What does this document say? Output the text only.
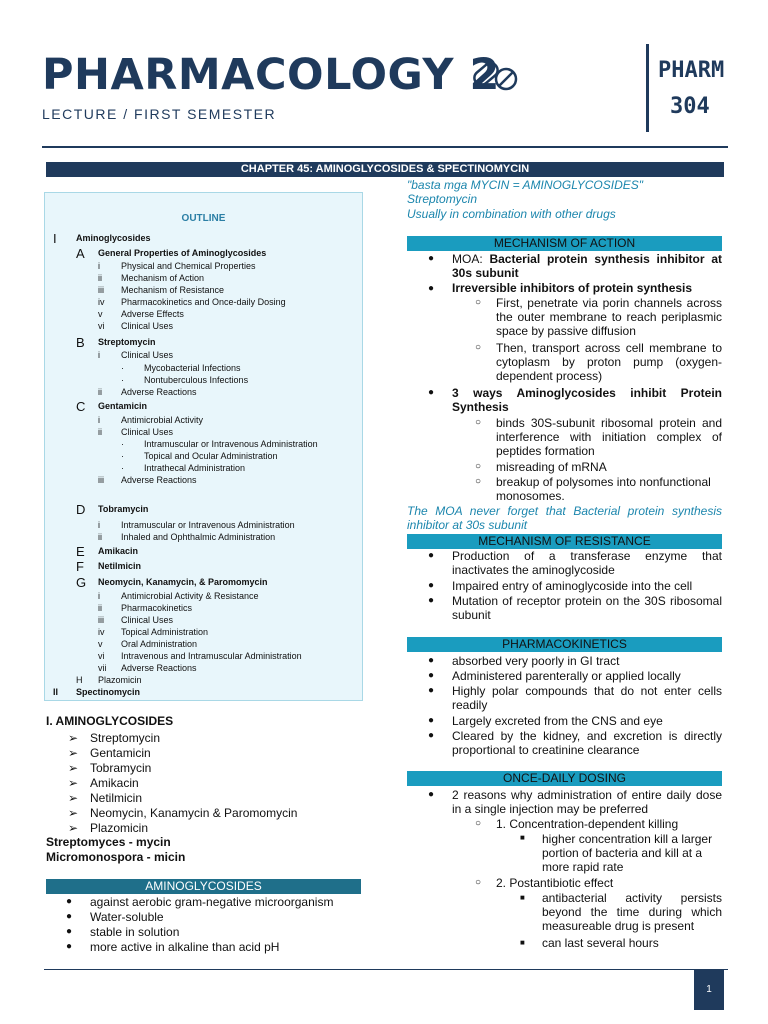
PHARMACOLOGY 2
LECTURE / FIRST SEMESTER
PHARM
304
CHAPTER 45: AMINOGLYCOSIDES & SPECTINOMYCIN
OUTLINE
I Aminoglycosides
A General Properties of Aminoglycosides
i Physical and Chemical Properties
ii Mechanism of Action
iii Mechanism of Resistance
iv Pharmacokinetics and Once-daily Dosing
v Adverse Effects
vi Clinical Uses
B Streptomycin
i Clinical Uses
· Mycobacterial Infections
· Nontuberculous Infections
ii Adverse Reactions
C Gentamicin
i Antimicrobial Activity
ii Clinical Uses
· Intramuscular or Intravenous Administration
· Topical and Ocular Administration
· Intrathecal Administration
iii Adverse Reactions
D Tobramycin
i Intramuscular or Intravenous Administration
ii Inhaled and Ophthalmic Administration
E Amikacin
F Netilmicin
G Neomycin, Kanamycin, & Paromomycin
i Antimicrobial Activity & Resistance
ii Pharmacokinetics
iii Clinical Uses
iv Topical Administration
v Oral Administration
vi Intravenous and Intramuscular Administration
vii Adverse Reactions
H Plazomicin
II Spectinomycin
I. AMINOGLYCOSIDES
➢ Streptomycin
➢ Gentamicin
➢ Tobramycin
➢ Amikacin
➢ Netilmicin
➢ Neomycin, Kanamycin & Paromomycin
➢ Plazomicin
Streptomyces - mycin
Micromonospora - micin
AMINOGLYCOSIDES
● against aerobic gram-negative microorganism
● Water-soluble
● stable in solution
● more active in alkaline than acid pH
"basta mga MYCIN = AMINOGLYCOSIDES"
Streptomycin
Usually in combination with other drugs
MECHANISM OF ACTION
● MOA: Bacterial protein synthesis inhibitor at 30s subunit
● Irreversible inhibitors of protein synthesis
○ First, penetrate via porin channels across the outer membrane to reach periplasmic space by passive diffusion
○ Then, transport across cell membrane to cytoplasm by proton pump (oxygen-dependent process)
● 3 ways Aminoglycosides inhibit Protein Synthesis
○ binds 30S-subunit ribosomal protein and interference with initiation complex of peptides formation
○ misreading of mRNA
○ breakup of polysomes into nonfunctional monosomes.
The MOA never forget that Bacterial protein synthesis inhibitor at 30s subunit
MECHANISM OF RESISTANCE
● Production of a transferase enzyme that inactivates the aminoglycoside
● Impaired entry of aminoglycoside into the cell
● Mutation of receptor protein on the 30S ribosomal subunit
PHARMACOKINETICS
● absorbed very poorly in GI tract
● Administered parenterally or applied locally
● Highly polar compounds that do not enter cells readily
● Largely excreted from the CNS and eye
● Cleared by the kidney, and excretion is directly proportional to creatinine clearance
ONCE-DAILY DOSING
● 2 reasons why administration of entire daily dose in a single injection may be preferred
○ 1. Concentration-dependent killing
■ higher concentration kill a larger portion of bacteria and kill at a more rapid rate
○ 2. Postantibiotic effect
■ antibacterial activity persists beyond the time during which measureable drug is present
■ can last several hours
1
